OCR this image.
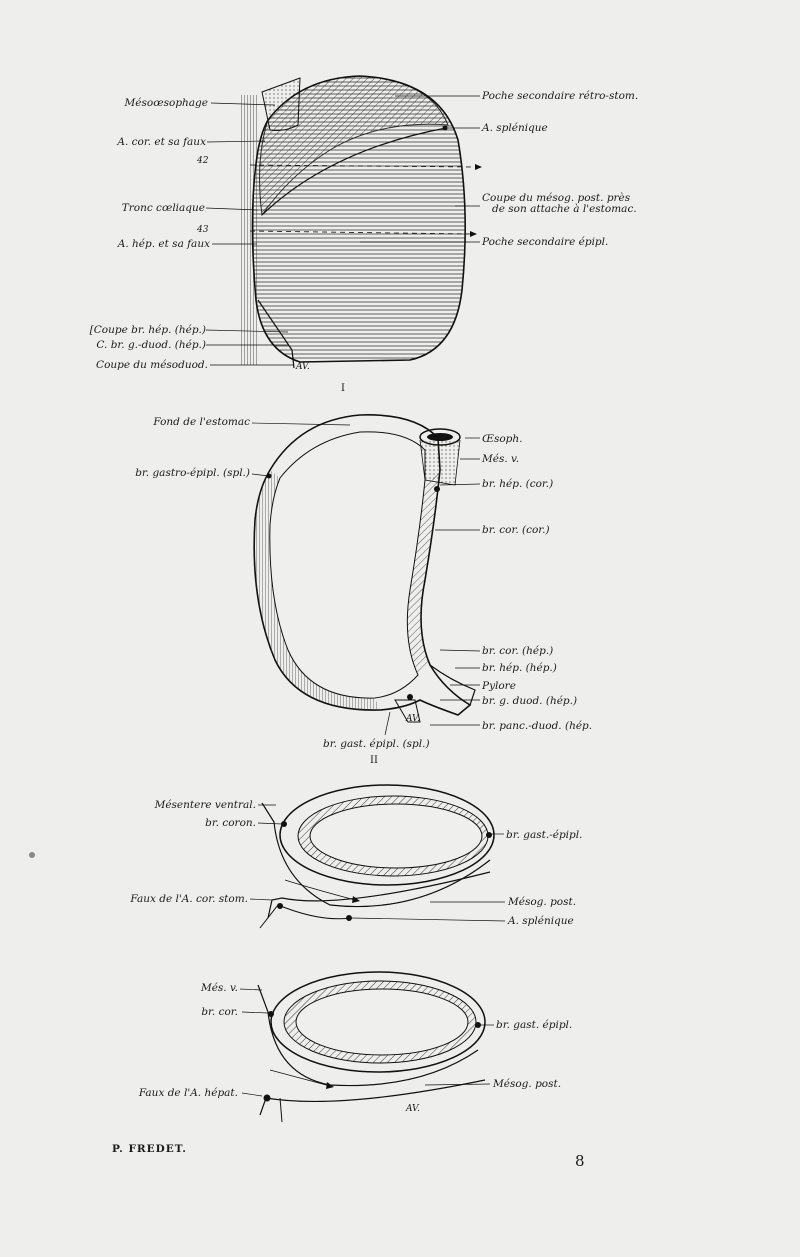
Mésoœsophage
A. cor. et sa faux
42
Tronc cœliaque
43
A. hép. et sa faux
[Coupe br. hép. (hép.)
C. br. g.-duod. (hép.)
Coupe du mésoduod.
Poche secondaire rétro-stom.
A. splénique
Coupe du mésog. post. près
de son attache à l'estomac.
Poche secondaire épipl.
I
AV.
Fond de l'estomac
br. gastro-épipl. (spl.)
Œsoph.
Més. v.
br. hép. (cor.)
br. cor. (cor.)
br. cor. (hép.)
br. hép. (hép.)
Pylore
br. g. duod. (hép.)
br. panc.-duod. (hép.
br. gast. épipl. (spl.)
II
AV.
Mésentere ventral.
br. coron.
br. gast.-épipl.
Faux de l'A. cor. stom.	Mésog. post.
A. splénique
Més. v.
br. cor.
br. gast. épipl.
Faux de l'A. hépat.
Mésog. post.
AV.
P. FREDET.
8
